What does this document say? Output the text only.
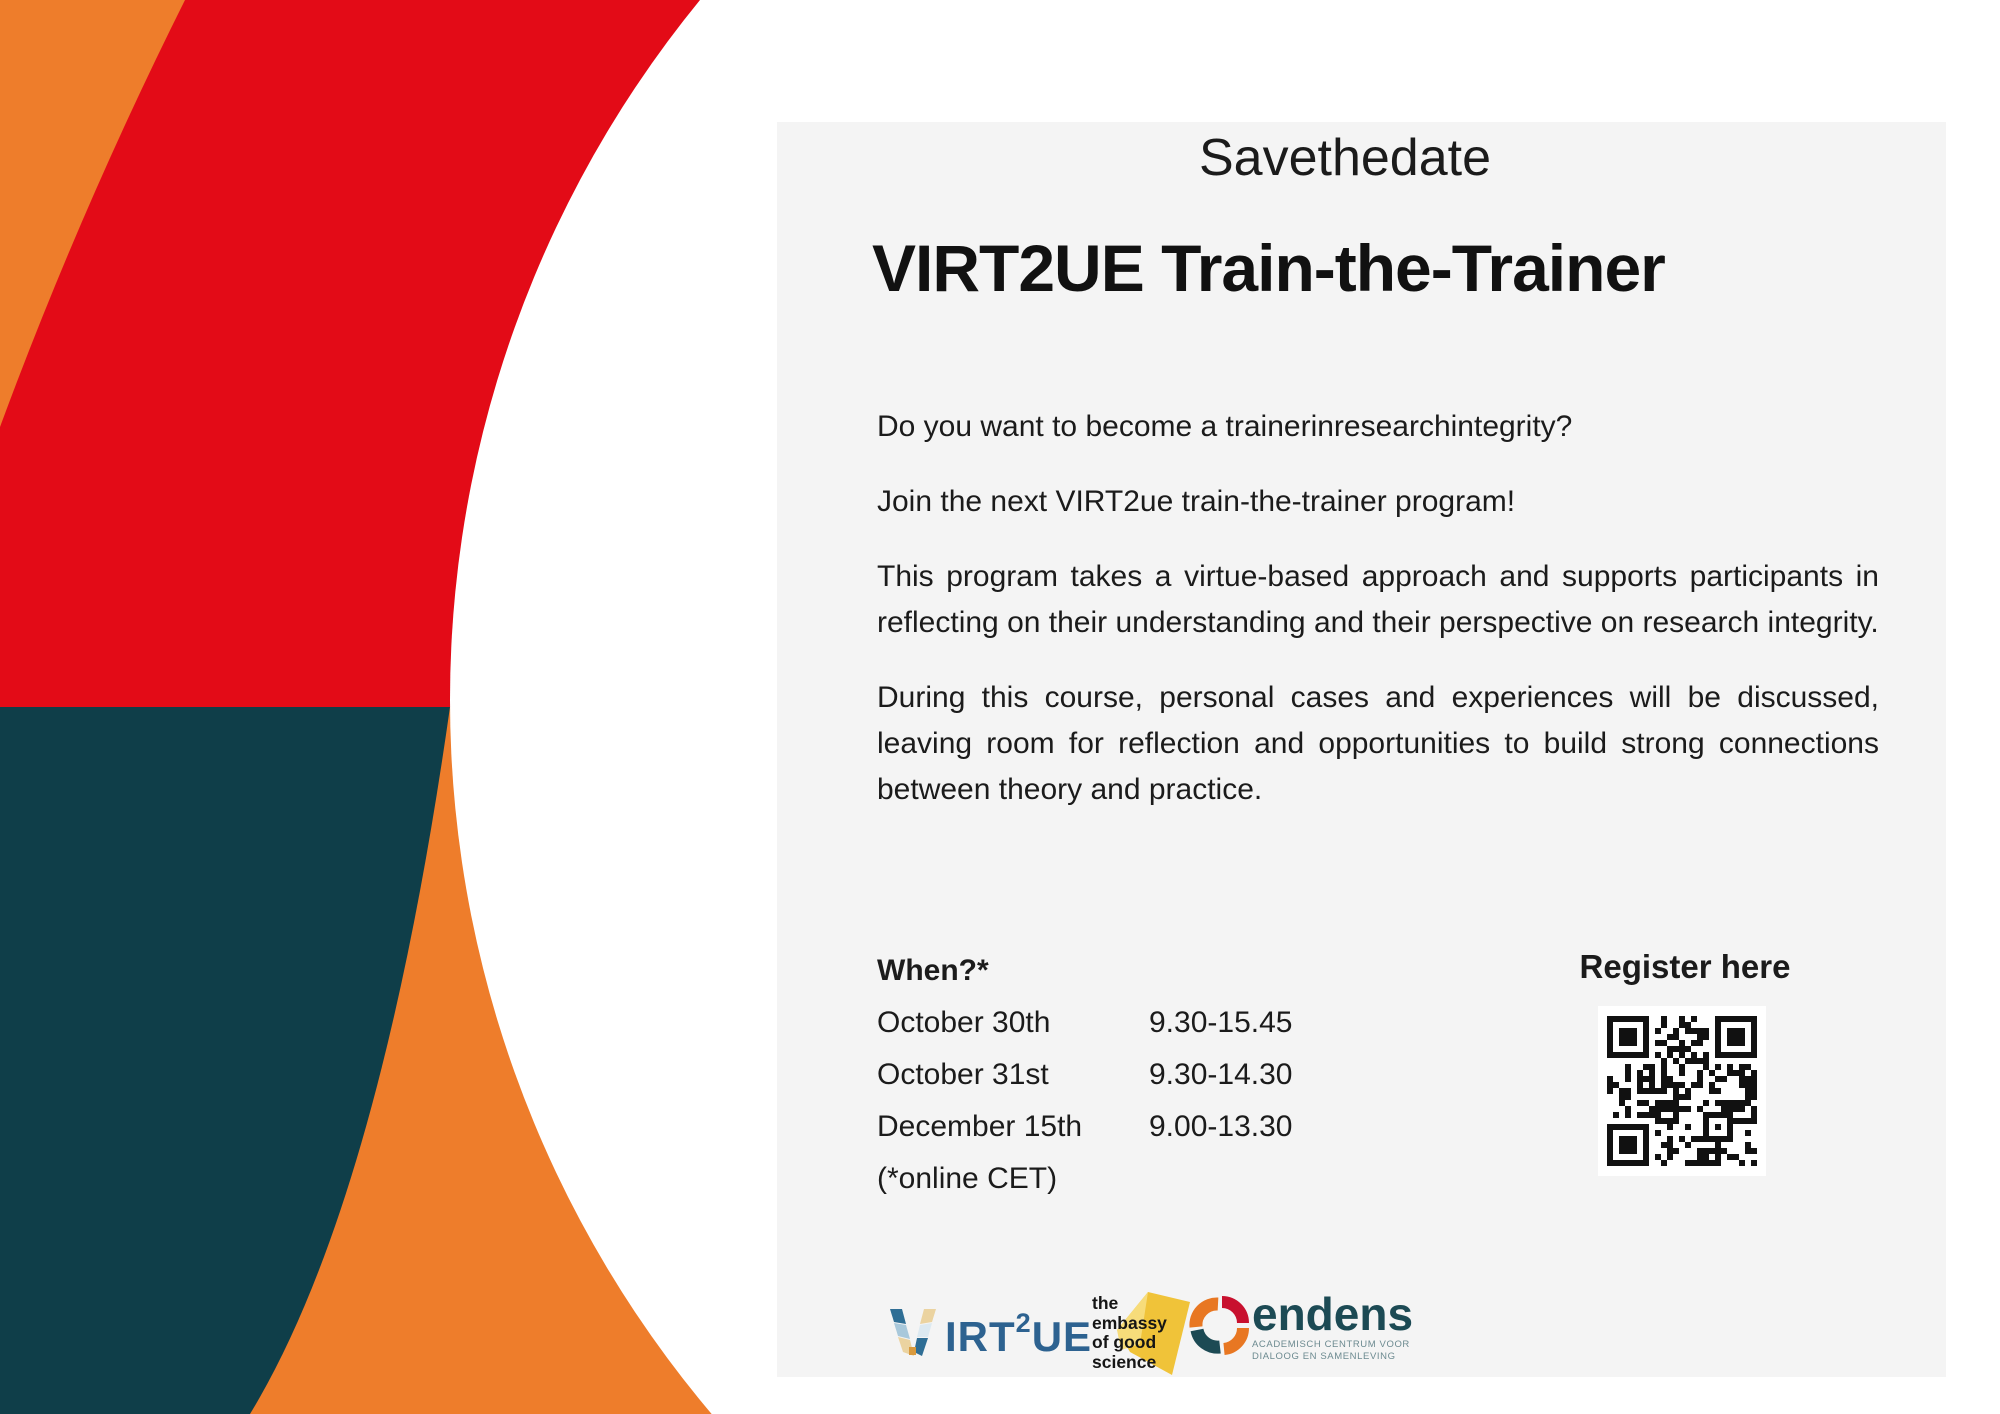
Savethedate
VIRT2UE Train-the-Trainer

Do you want to become a trainerinresearchintegrity?

Join the next VIRT2ue train-the-trainer program!

This program takes a virtue-based approach and supports participants in reflecting on their understanding and their perspective on research integrity.

During this course, personal cases and experiences will be discussed, leaving room for reflection and opportunities to build strong connections between theory and practice.

When?*
October 30th	9.30-15.45
October 31st	9.30-14.30
December 15th	9.00-13.30
(*online CET)
Register here
IRT$^2$UE
the
embassy
of good
science
endens
ACADEMISCH CENTRUM VOOR
DIALOOG EN SAMENLEVING
